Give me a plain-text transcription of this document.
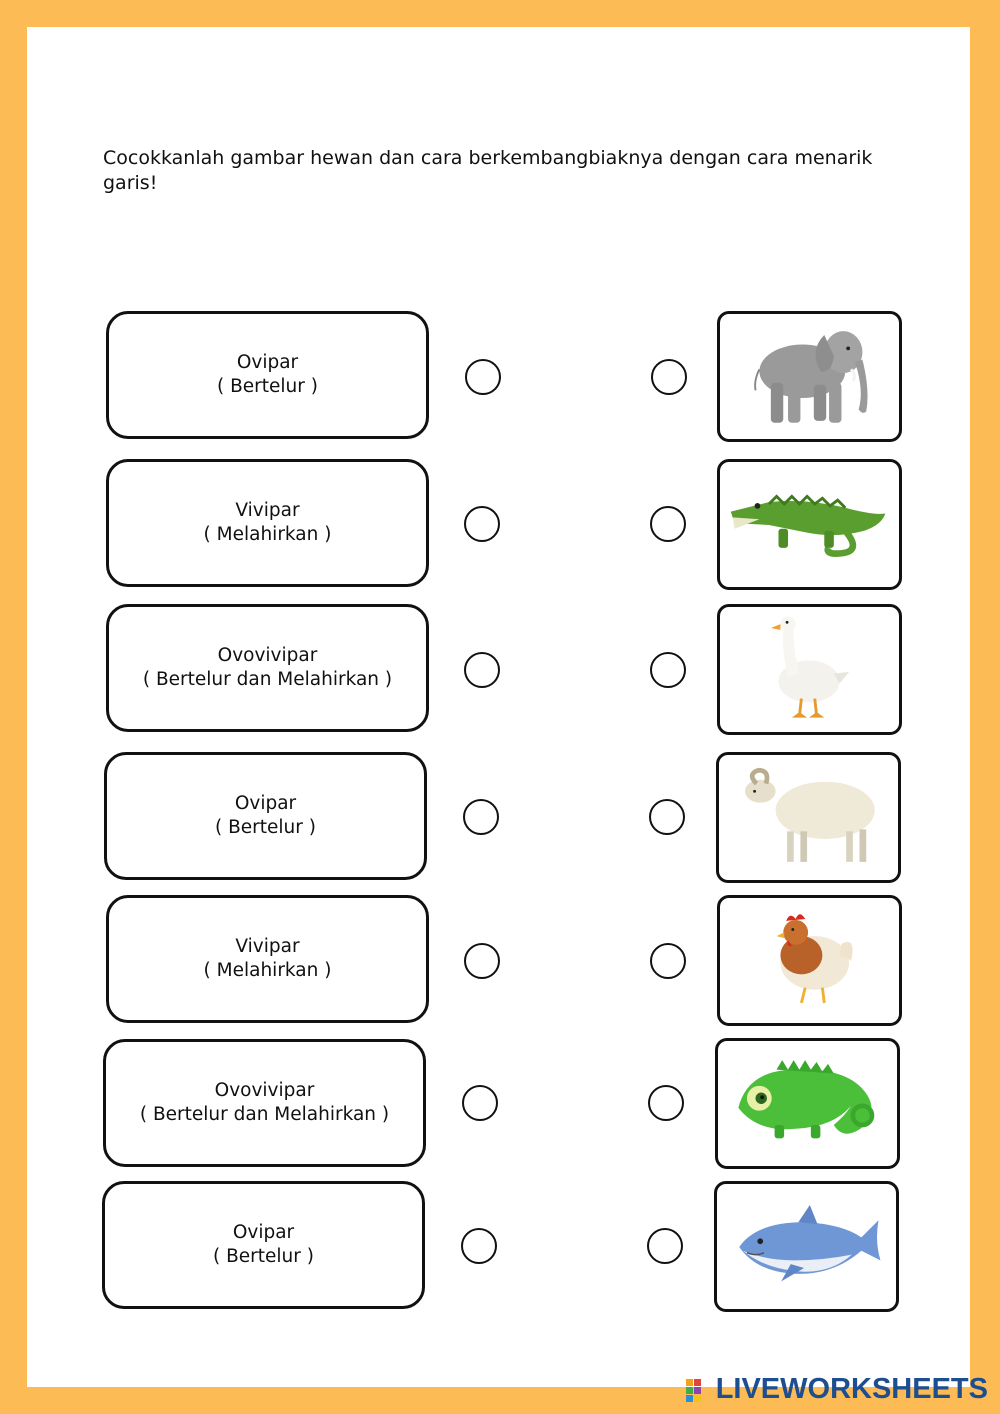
Cocokkanlah gambar hewan dan cara berkembangbiaknya dengan cara menarik garis!
Ovipar
( Bertelur )
Vivipar
( Melahirkan )
Ovovivipar
( Bertelur dan Melahirkan )
Ovipar
( Bertelur )
Vivipar
( Melahirkan )
Ovovivipar
( Bertelur dan Melahirkan )
Ovipar
( Bertelur )
LIVEWORKSHEETS
